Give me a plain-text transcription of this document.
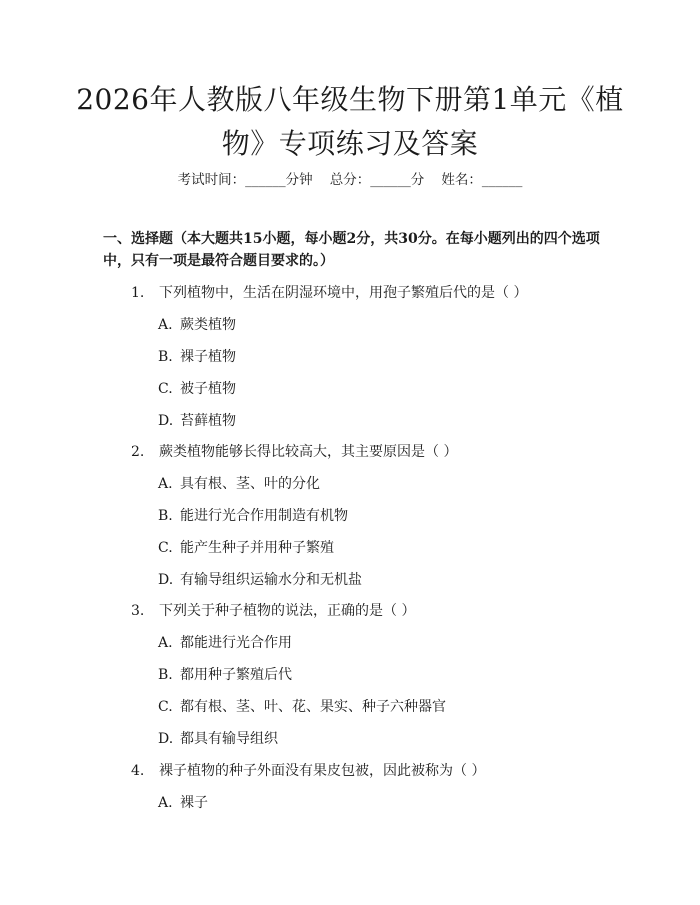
2026年人教版八年级生物下册第1单元《植
物》专项练习及答案
考试时间：______分钟    总分：______分    姓名：______
一、选择题（本大题共15小题，每小题2分，共30分。在每小题列出的四个选项中，只有一项是最符合题目要求的。）
1. 下列植物中，生活在阴湿环境中，用孢子繁殖后代的是（ ）
A. 蕨类植物
B. 裸子植物
C. 被子植物
D. 苔藓植物
2. 蕨类植物能够长得比较高大，其主要原因是（ ）
A. 具有根、茎、叶的分化
B. 能进行光合作用制造有机物
C. 能产生种子并用种子繁殖
D. 有输导组织运输水分和无机盐
3. 下列关于种子植物的说法，正确的是（ ）
A. 都能进行光合作用
B. 都用种子繁殖后代
C. 都有根、茎、叶、花、果实、种子六种器官
D. 都具有输导组织
4. 裸子植物的种子外面没有果皮包被，因此被称为（ ）
A. 裸子
